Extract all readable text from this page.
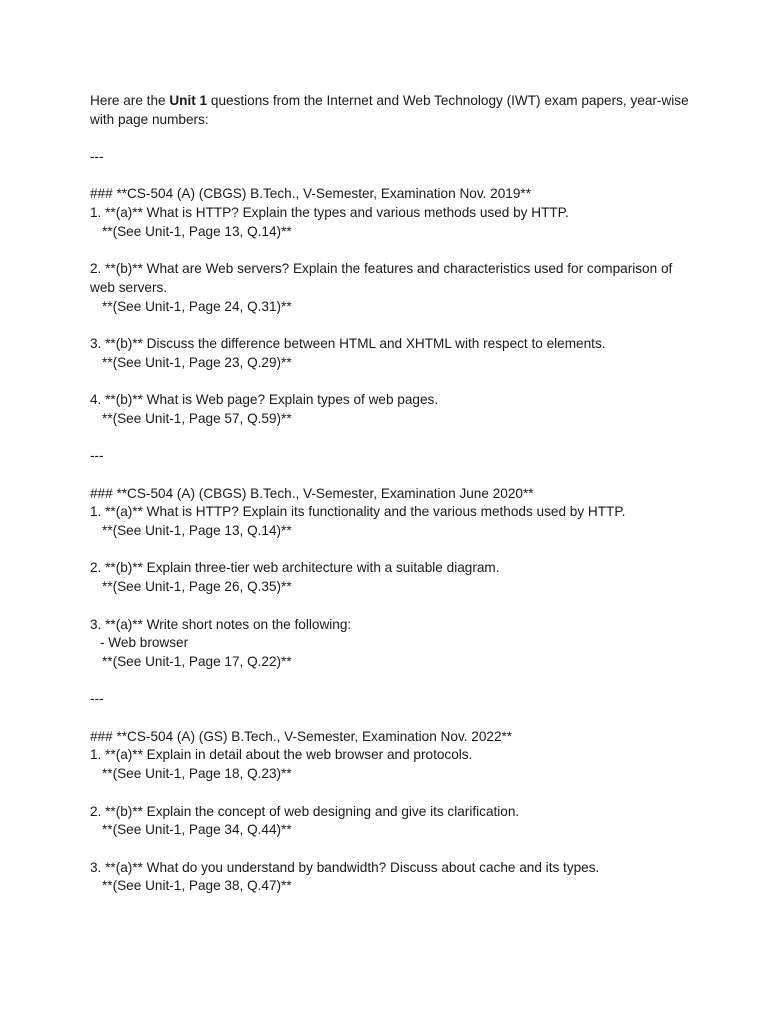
Here are the Unit 1 questions from the Internet and Web Technology (IWT) exam papers, year-wise with page numbers:

---

### **CS-504 (A) (CBGS) B.Tech., V-Semester, Examination Nov. 2019**

1. **(a)** What is HTTP? Explain the types and various methods used by HTTP.

**(See Unit-1, Page 13, Q.14)**

2. **(b)** What are Web servers? Explain the features and characteristics used for comparison of web servers.

**(See Unit-1, Page 24, Q.31)**

3. **(b)** Discuss the difference between HTML and XHTML with respect to elements.

**(See Unit-1, Page 23, Q.29)**

4. **(b)** What is Web page? Explain types of web pages.

**(See Unit-1, Page 57, Q.59)**

---

### **CS-504 (A) (CBGS) B.Tech., V-Semester, Examination June 2020**

1. **(a)** What is HTTP? Explain its functionality and the various methods used by HTTP.

**(See Unit-1, Page 13, Q.14)**

2. **(b)** Explain three-tier web architecture with a suitable diagram.

**(See Unit-1, Page 26, Q.35)**

3. **(a)** Write short notes on the following:

- Web browser

**(See Unit-1, Page 17, Q.22)**

---

### **CS-504 (A) (GS) B.Tech., V-Semester, Examination Nov. 2022**

1. **(a)** Explain in detail about the web browser and protocols.

**(See Unit-1, Page 18, Q.23)**

2. **(b)** Explain the concept of web designing and give its clarification.

**(See Unit-1, Page 34, Q.44)**

3. **(a)** What do you understand by bandwidth? Discuss about cache and its types.

**(See Unit-1, Page 38, Q.47)**
